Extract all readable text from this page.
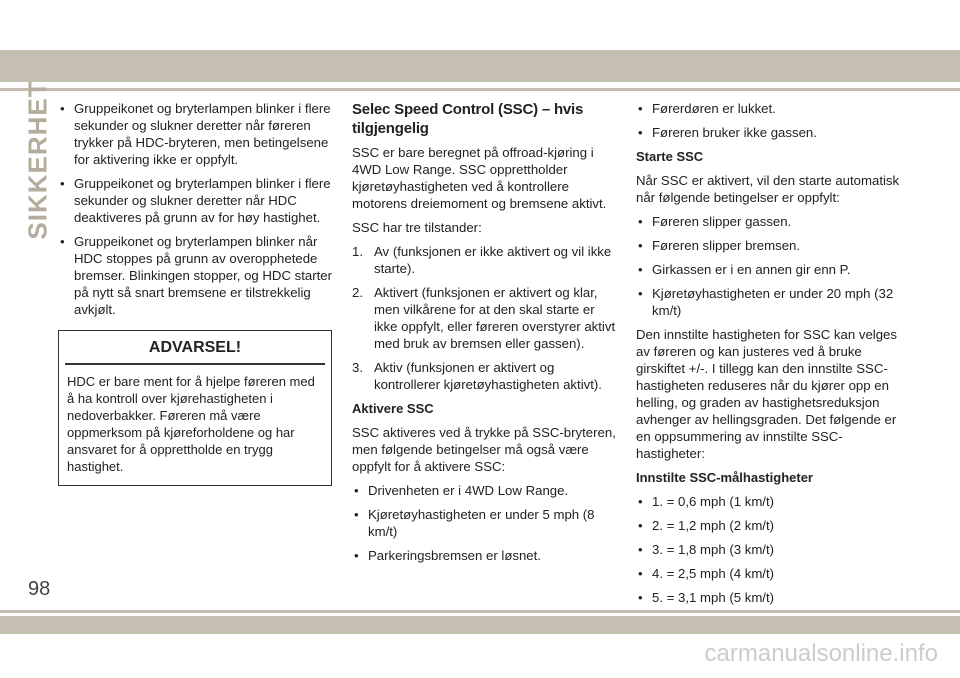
SIKKERHET
•	Gruppeikonet og bryterlampen blinker i flere sekunder og slukner deretter når føreren trykker på HDC-bryteren, men betingelsene for aktivering ikke er oppfylt.
• Gruppeikonet og bryterlampen blinker i flere sekunder og slukner deretter når HDC deaktiveres på grunn av for høy hastighet.
• Gruppeikonet og bryterlampen blinker når HDC stoppes på grunn av overopphetede bremser. Blinkingen stopper, og HDC starter på nytt så snart bremsene er tilstrekkelig avkjølt.
ADVARSEL!
HDC er bare ment for å hjelpe føreren med å ha kontroll over kjørehastigheten i nedoverbakker. Føreren må være oppmerksom på kjøreforholdene og har ansvaret for å opprettholde en trygg hastighet.
Selec Speed Control (SSC) – hvis tilgjengelig

SSC er bare beregnet på offroad-kjøring i 4WD Low Range. SSC opprettholder kjøretøyhastigheten ved å kontrollere motorens dreiemoment og bremsene aktivt.

SSC har tre tilstander:

1. Av (funksjonen er ikke aktivert og vil ikke starte).
2. Aktivert (funksjonen er aktivert og klar, men vilkårene for at den skal starte er ikke oppfylt, eller føreren overstyrer aktivt med bruk av bremsen eller gassen).
3. Aktiv (funksjonen er aktivert og kontrollerer kjøretøyhastigheten aktivt).
Aktivere SSC

SSC aktiveres ved å trykke på SSC-bryteren, men følgende betingelser må også være oppfylt for å aktivere SSC:

• Drivenheten er i 4WD Low Range.
• Kjøretøyhastigheten er under 5 mph (8 km/t)
• Parkeringsbremsen er løsnet.
• Førerdøren er lukket.
• Føreren bruker ikke gassen.
Starte SSC

Når SSC er aktivert, vil den starte automatisk når følgende betingelser er oppfylt:

• Føreren slipper gassen.
• Føreren slipper bremsen.
• Girkassen er i en annen gir enn P.
• Kjøretøyhastigheten er under 20 mph (32 km/t)

Den innstilte hastigheten for SSC kan velges av føreren og kan justeres ved å bruke girskiftet +/-. I tillegg kan den innstilte SSC-hastigheten reduseres når du kjører opp en helling, og graden av hastighetsreduksjon avhenger av hellingsgraden. Det følgende er en oppsummering av innstilte SSC-hastigheter:

Innstilte SSC-målhastigheter
• 1. = 0,6 mph (1 km/t)
• 2. = 1,2 mph (2 km/t)
• 3. = 1,8 mph (3 km/t)
• 4. = 2,5 mph (4 km/t)
• 5. = 3,1 mph (5 km/t)
98
carmanualsonline.info
